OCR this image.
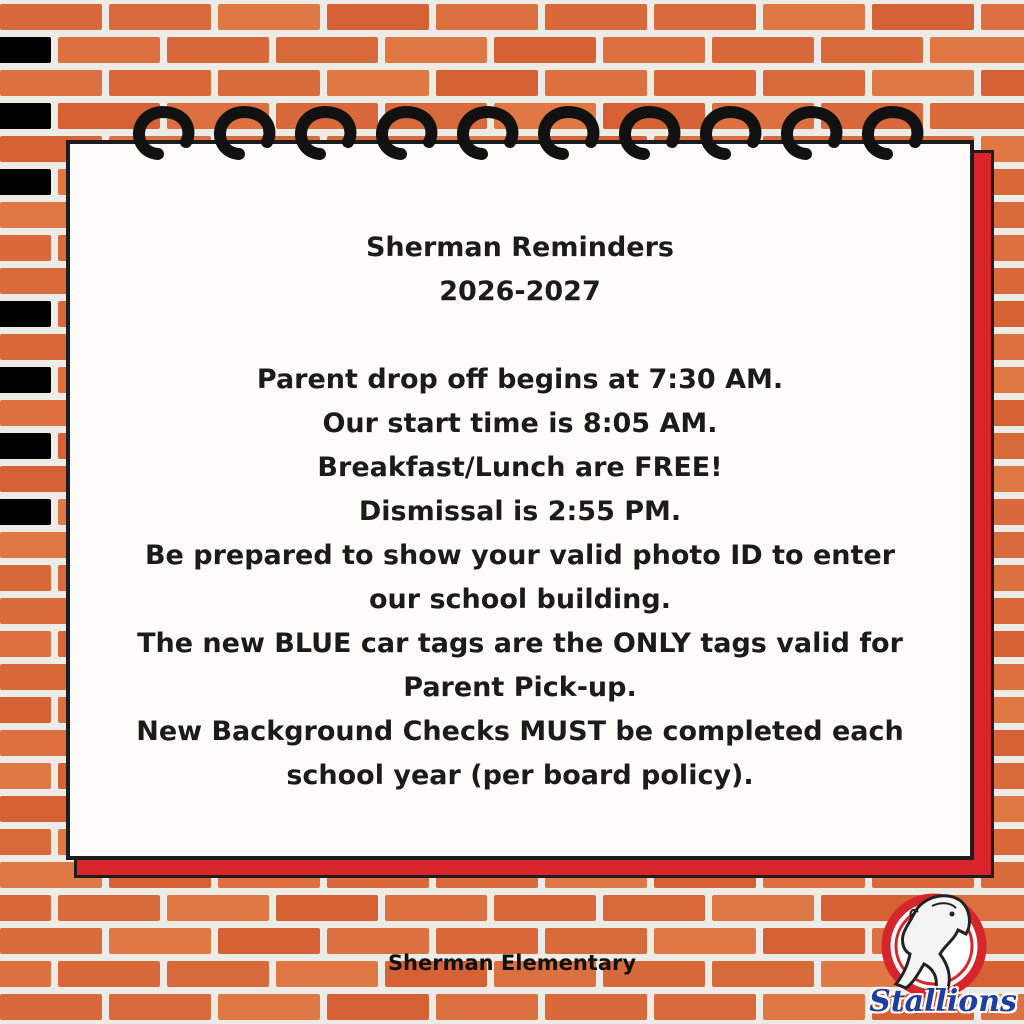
Sherman Reminders
2026-2027
Parent drop off begins at 7:30 AM.
Our start time is 8:05 AM.
Breakfast/Lunch are FREE!
Dismissal is 2:55 PM.
Be prepared to show your valid photo ID to enter
our school building.
The new BLUE car tags are the ONLY tags valid for
Parent Pick-up.
New Background Checks MUST be completed each
school year (per board policy).
Sherman Elementary
Stallions
